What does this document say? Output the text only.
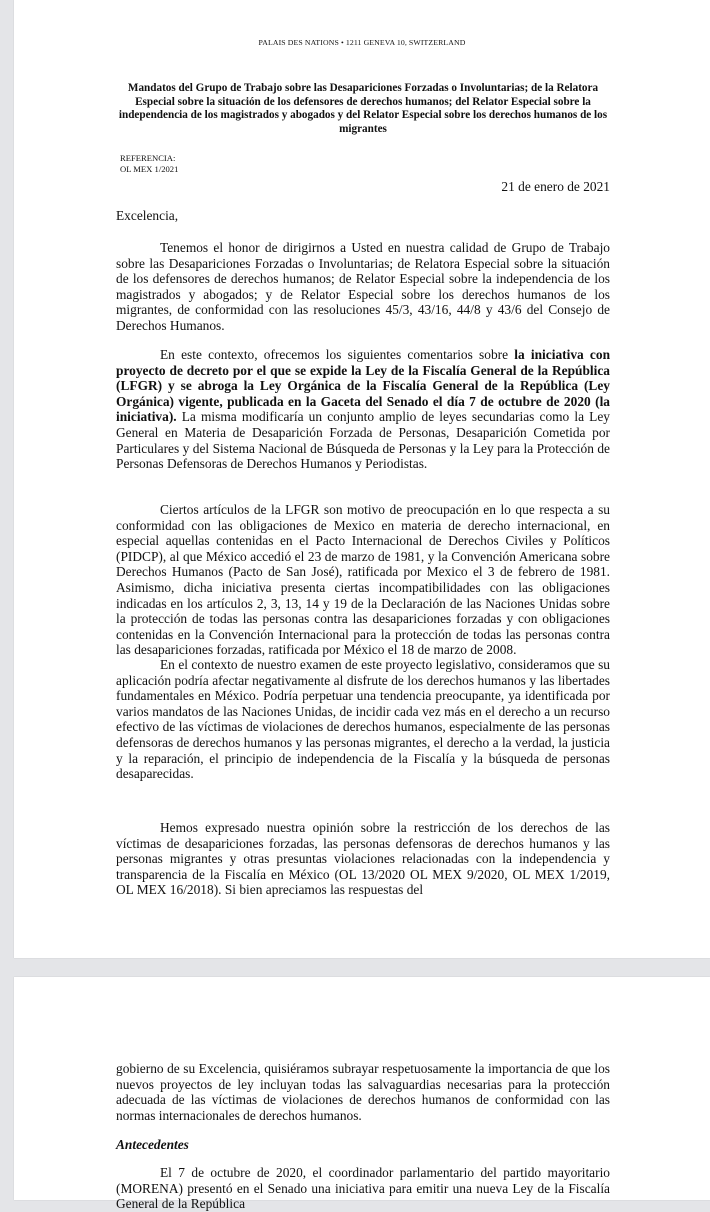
PALAIS DES NATIONS • 1211 GENEVA 10, SWITZERLAND
Mandatos del Grupo de Trabajo sobre las Desapariciones Forzadas o Involuntarias; de la Relatora Especial sobre la situación de los defensores de derechos humanos; del Relator Especial sobre la independencia de los magistrados y abogados y del Relator Especial sobre los derechos humanos de los migrantes
REFERENCIA:
OL MEX 1/2021
21 de enero de 2021
Excelencia,

Tenemos el honor de dirigirnos a Usted en nuestra calidad de Grupo de Trabajo sobre las Desapariciones Forzadas o Involuntarias; de Relatora Especial sobre la situación de los defensores de derechos humanos; de Relator Especial sobre la independencia de los magistrados y abogados; y de Relator Especial sobre los derechos humanos de los migrantes, de conformidad con las resoluciones 45/3, 43/16, 44/8 y 43/6 del Consejo de Derechos Humanos.

En este contexto, ofrecemos los siguientes comentarios sobre la iniciativa con proyecto de decreto por el que se expide la Ley de la Fiscalía General de la República (LFGR) y se abroga la Ley Orgánica de la Fiscalía General de la República (Ley Orgánica) vigente, publicada en la Gaceta del Senado el día 7 de octubre de 2020 (la iniciativa). La misma modificaría un conjunto amplio de leyes secundarias como la Ley General en Materia de Desaparición Forzada de Personas, Desaparición Cometida por Particulares y del Sistema Nacional de Búsqueda de Personas y la Ley para la Protección de Personas Defensoras de Derechos Humanos y Periodistas.

Ciertos artículos de la LFGR son motivo de preocupación en lo que respecta a su conformidad con las obligaciones de Mexico en materia de derecho internacional, en especial aquellas contenidas en el Pacto Internacional de Derechos Civiles y Políticos (PIDCP), al que México accedió el 23 de marzo de 1981, y la Convención Americana sobre Derechos Humanos (Pacto de San José), ratificada por Mexico el 3 de febrero de 1981. Asimismo, dicha iniciativa presenta ciertas incompatibilidades con las obligaciones indicadas en los artículos 2, 3, 13, 14 y 19 de la Declaración de las Naciones Unidas sobre la protección de todas las personas contra las desapariciones forzadas y con obligaciones contenidas en la Convención Internacional para la protección de todas las personas contra las desapariciones forzadas, ratificada por México el 18 de marzo de 2008.

En el contexto de nuestro examen de este proyecto legislativo, consideramos que su aplicación podría afectar negativamente al disfrute de los derechos humanos y las libertades fundamentales en México. Podría perpetuar una tendencia preocupante, ya identificada por varios mandatos de las Naciones Unidas, de incidir cada vez más en el derecho a un recurso efectivo de las víctimas de violaciones de derechos humanos, especialmente de las personas defensoras de derechos humanos y las personas migrantes, el derecho a la verdad, la justicia y la reparación, el principio de independencia de la Fiscalía y la búsqueda de personas desaparecidas.

Hemos expresado nuestra opinión sobre la restricción de los derechos de las víctimas de desapariciones forzadas, las personas defensoras de derechos humanos y las personas migrantes y otras presuntas violaciones relacionadas con la independencia y transparencia de la Fiscalía en México (OL 13/2020 OL MEX 9/2020, OL MEX 1/2019, OL MEX 16/2018). Si bien apreciamos las respuestas del

gobierno de su Excelencia, quisiéramos subrayar respetuosamente la importancia de que los nuevos proyectos de ley incluyan todas las salvaguardias necesarias para la protección adecuada de las víctimas de violaciones de derechos humanos de conformidad con las normas internacionales de derechos humanos.

Antecedentes

El 7 de octubre de 2020, el coordinador parlamentario del partido mayoritario (MORENA) presentó en el Senado una iniciativa para emitir una nueva Ley de la Fiscalía General de la República
